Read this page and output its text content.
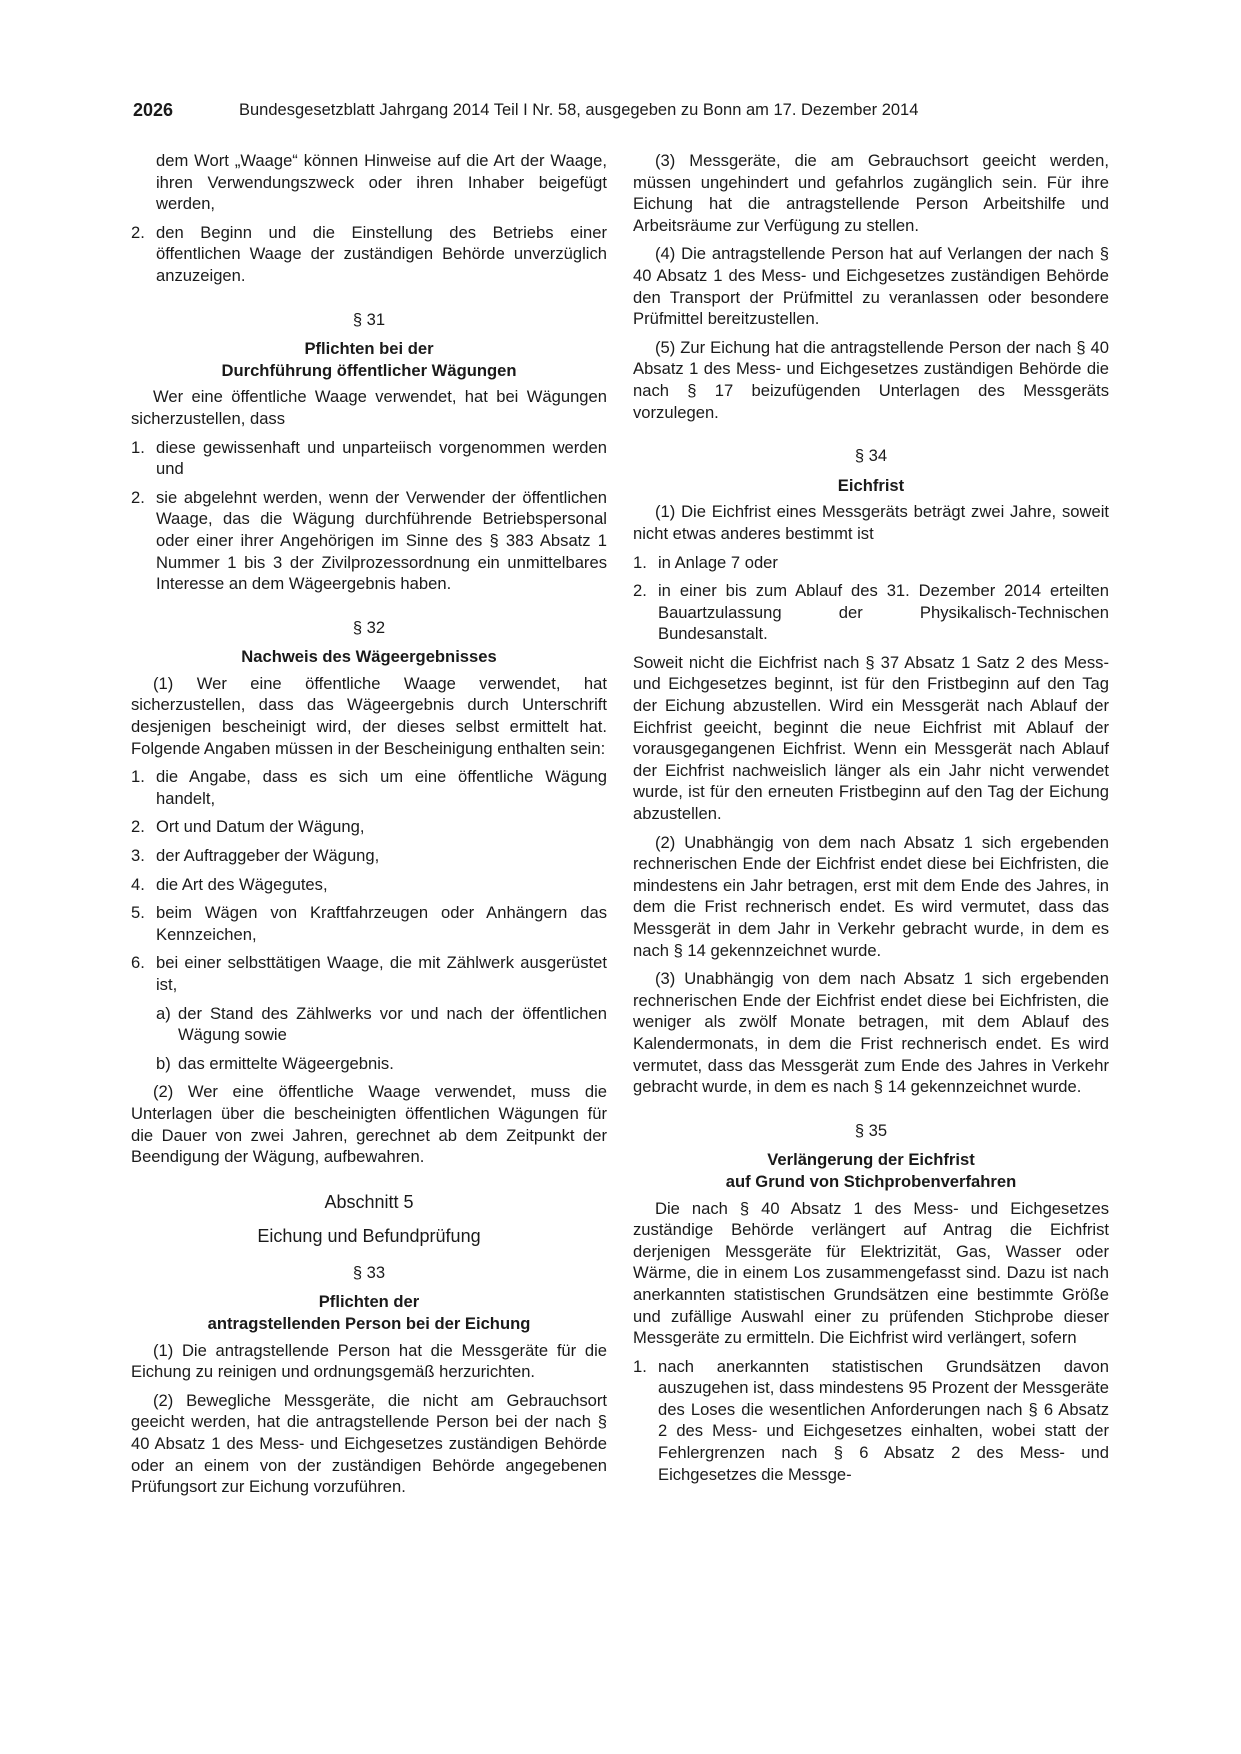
2026	Bundesgesetzblatt Jahrgang 2014 Teil I Nr. 58, ausgegeben zu Bonn am 17. Dezember 2014

dem Wort „Waage“ können Hinweise auf die Art der Waage, ihren Verwendungszweck oder ihren Inhaber beigefügt werden,

2. den Beginn und die Einstellung des Betriebs einer öffentlichen Waage der zuständigen Behörde unverzüglich anzuzeigen.
§ 31
Pflichten bei der
Durchführung öffentlicher Wägungen

Wer eine öffentliche Waage verwendet, hat bei Wägungen sicherzustellen, dass

1. diese gewissenhaft und unparteiisch vorgenommen werden und
2. sie abgelehnt werden, wenn der Verwender der öffentlichen Waage, das die Wägung durchführende Betriebspersonal oder einer ihrer Angehörigen im Sinne des § 383 Absatz 1 Nummer 1 bis 3 der Zivilprozessordnung ein unmittelbares Interesse an dem Wägeergebnis haben.
§ 32
Nachweis des Wägeergebnisses

(1) Wer eine öffentliche Waage verwendet, hat sicherzustellen, dass das Wägeergebnis durch Unterschrift desjenigen bescheinigt wird, der dieses selbst ermittelt hat. Folgende Angaben müssen in der Bescheinigung enthalten sein:

1. die Angabe, dass es sich um eine öffentliche Wägung handelt,
2. Ort und Datum der Wägung,
3. der Auftraggeber der Wägung,
4. die Art des Wägegutes,
5. beim Wägen von Kraftfahrzeugen oder Anhängern das Kennzeichen,
6. bei einer selbsttätigen Waage, die mit Zählwerk ausgerüstet ist,
a) der Stand des Zählwerks vor und nach der öffentlichen Wägung sowie
b) das ermittelte Wägeergebnis.

(2) Wer eine öffentliche Waage verwendet, muss die Unterlagen über die bescheinigten öffentlichen Wägungen für die Dauer von zwei Jahren, gerechnet ab dem Zeitpunkt der Beendigung der Wägung, aufbewahren.

Abschnitt 5
Eichung und Befundprüfung
§ 33
Pflichten der
antragstellenden Person bei der Eichung

(1) Die antragstellende Person hat die Messgeräte für die Eichung zu reinigen und ordnungsgemäß herzurichten.

(2) Bewegliche Messgeräte, die nicht am Gebrauchsort geeicht werden, hat die antragstellende Person bei der nach § 40 Absatz 1 des Mess- und Eichgesetzes zuständigen Behörde oder an einem von der zuständigen Behörde angegebenen Prüfungsort zur Eichung vorzuführen.

(3) Messgeräte, die am Gebrauchsort geeicht werden, müssen ungehindert und gefahrlos zugänglich sein. Für ihre Eichung hat die antragstellende Person Arbeitshilfe und Arbeitsräume zur Verfügung zu stellen.

(4) Die antragstellende Person hat auf Verlangen der nach § 40 Absatz 1 des Mess- und Eichgesetzes zuständigen Behörde den Transport der Prüfmittel zu veranlassen oder besondere Prüfmittel bereitzustellen.

(5) Zur Eichung hat die antragstellende Person der nach § 40 Absatz 1 des Mess- und Eichgesetzes zuständigen Behörde die nach § 17 beizufügenden Unterlagen des Messgeräts vorzulegen.

§ 34
Eichfrist

(1) Die Eichfrist eines Messgeräts beträgt zwei Jahre, soweit nicht etwas anderes bestimmt ist

1. in Anlage 7 oder
2. in einer bis zum Ablauf des 31. Dezember 2014 erteilten Bauartzulassung der Physikalisch-Technischen Bundesanstalt.

Soweit nicht die Eichfrist nach § 37 Absatz 1 Satz 2 des Mess- und Eichgesetzes beginnt, ist für den Fristbeginn auf den Tag der Eichung abzustellen. Wird ein Messgerät nach Ablauf der Eichfrist geeicht, beginnt die neue Eichfrist mit Ablauf der vorausgegangenen Eichfrist. Wenn ein Messgerät nach Ablauf der Eichfrist nachweislich länger als ein Jahr nicht verwendet wurde, ist für den erneuten Fristbeginn auf den Tag der Eichung abzustellen.

(2) Unabhängig von dem nach Absatz 1 sich ergebenden rechnerischen Ende der Eichfrist endet diese bei Eichfristen, die mindestens ein Jahr betragen, erst mit dem Ende des Jahres, in dem die Frist rechnerisch endet. Es wird vermutet, dass das Messgerät in dem Jahr in Verkehr gebracht wurde, in dem es nach § 14 gekennzeichnet wurde.

(3) Unabhängig von dem nach Absatz 1 sich ergebenden rechnerischen Ende der Eichfrist endet diese bei Eichfristen, die weniger als zwölf Monate betragen, mit dem Ablauf des Kalendermonats, in dem die Frist rechnerisch endet. Es wird vermutet, dass das Messgerät zum Ende des Jahres in Verkehr gebracht wurde, in dem es nach § 14 gekennzeichnet wurde.

§ 35
Verlängerung der Eichfrist
auf Grund von Stichprobenverfahren

Die nach § 40 Absatz 1 des Mess- und Eichgesetzes zuständige Behörde verlängert auf Antrag die Eichfrist derjenigen Messgeräte für Elektrizität, Gas, Wasser oder Wärme, die in einem Los zusammengefasst sind. Dazu ist nach anerkannten statistischen Grundsätzen eine bestimmte Größe und zufällige Auswahl einer zu prüfenden Stichprobe dieser Messgeräte zu ermitteln. Die Eichfrist wird verlängert, sofern

1. nach anerkannten statistischen Grundsätzen davon auszugehen ist, dass mindestens 95 Prozent der Messgeräte des Loses die wesentlichen Anforderungen nach § 6 Absatz 2 des Mess- und Eichgesetzes einhalten, wobei statt der Fehlergrenzen nach § 6 Absatz 2 des Mess- und Eichgesetzes die Messge-
